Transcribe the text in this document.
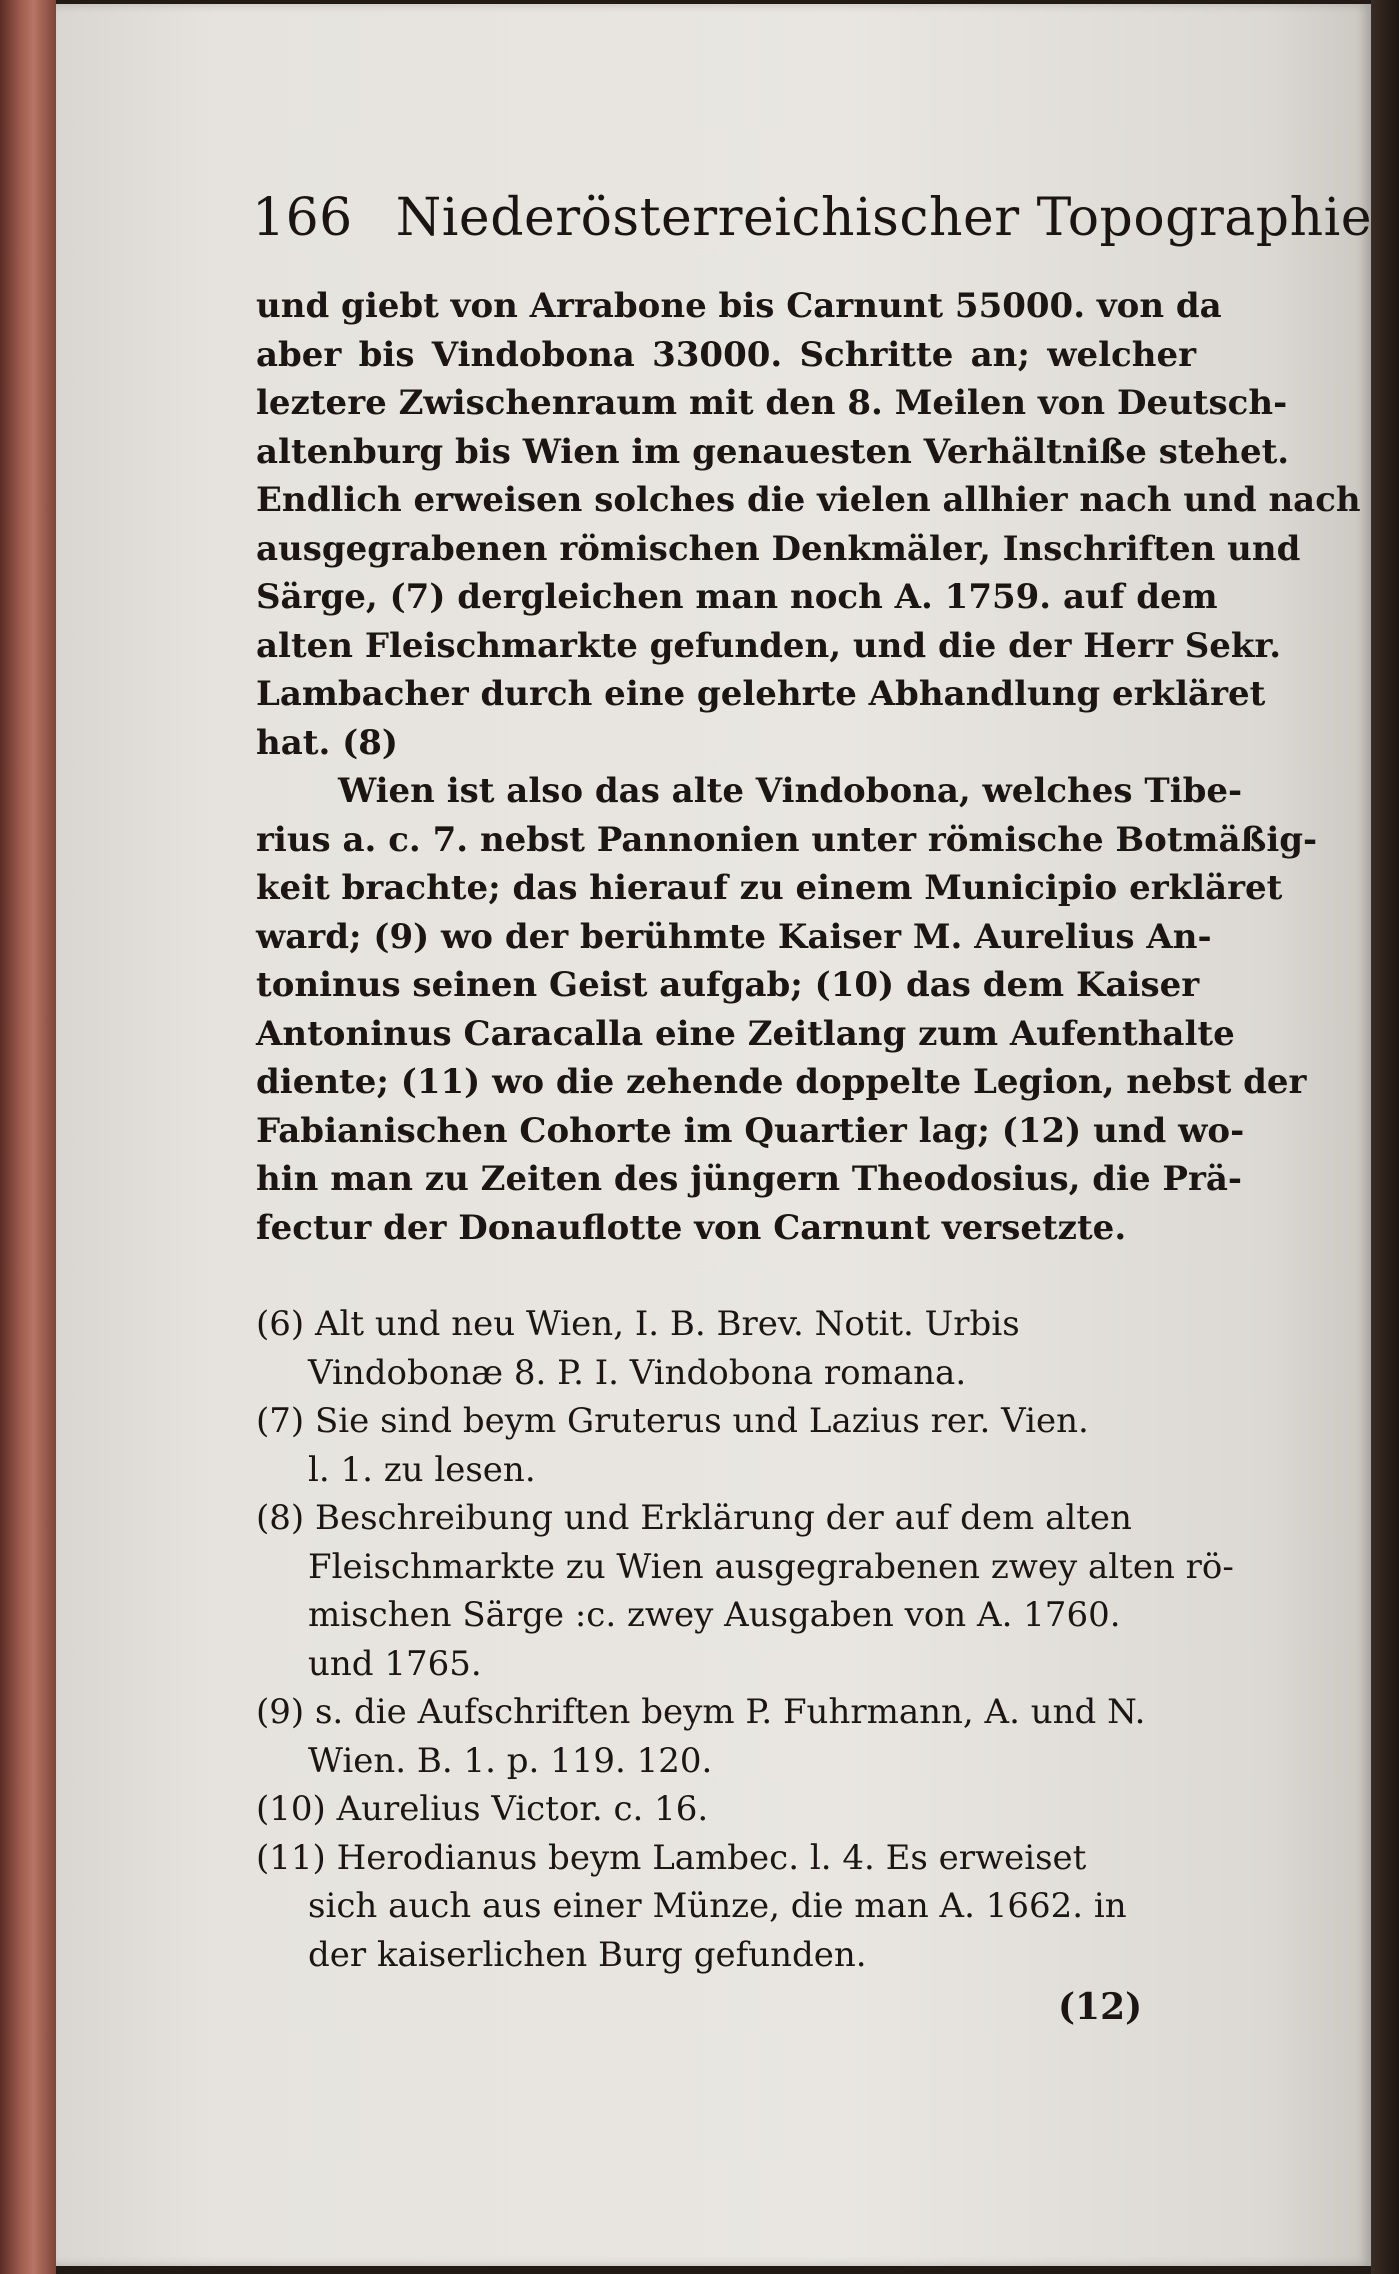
166 Niederösterreichischer Topographie
und giebt von Arrabone bis Carnunt 55000. von da
aber bis Vindobona 33000. Schritte an; welcher
leztere Zwischenraum mit den 8. Meilen von Deutsch-
altenburg bis Wien im genauesten Verhältniße stehet.
Endlich erweisen solches die vielen allhier nach und nach
ausgegrabenen römischen Denkmäler, Inschriften und
Särge, (7) dergleichen man noch A. 1759. auf dem
alten Fleischmarkte gefunden, und die der Herr Sekr.
Lambacher durch eine gelehrte Abhandlung erkläret
hat. (8)
Wien ist also das alte Vindobona, welches Tibe-
rius a. c. 7. nebst Pannonien unter römische Botmäßig-
keit brachte; das hierauf zu einem Municipio erkläret
ward; (9) wo der berühmte Kaiser M. Aurelius An-
toninus seinen Geist aufgab; (10) das dem Kaiser
Antoninus Caracalla eine Zeitlang zum Aufenthalte
diente; (11) wo die zehende doppelte Legion, nebst der
Fabianischen Cohorte im Quartier lag; (12) und wo-
hin man zu Zeiten des jüngern Theodosius, die Prä-
fectur der Donauflotte von Carnunt versetzte.
(6) Alt und neu Wien, I. B. Brev. Notit. Urbis
Vindobonæ 8. P. I. Vindobona romana.
(7) Sie sind beym Gruterus und Lazius rer. Vien.
l. 1. zu lesen.
(8) Beschreibung und Erklärung der auf dem alten
Fleischmarkte zu Wien ausgegrabenen zwey alten rö-
mischen Särge :c. zwey Ausgaben von A. 1760.
und 1765.
(9) s. die Aufschriften beym P. Fuhrmann, A. und N.
Wien. B. 1. p. 119. 120.
(10) Aurelius Victor. c. 16.
(11) Herodianus beym Lambec. l. 4. Es erweiset
sich auch aus einer Münze, die man A. 1662. in
der kaiserlichen Burg gefunden.
(12)
